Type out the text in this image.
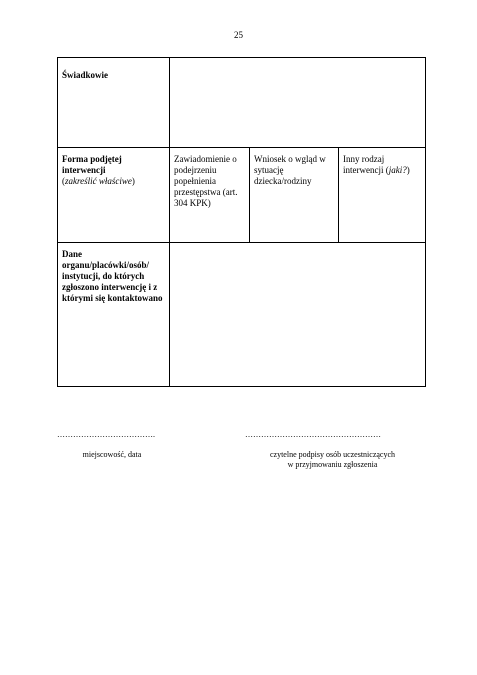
25
Świadkowie			

Forma podjętej interwencji
(zakreślić właściwe)	Zawiadomienie o podejrzeniu popełnienia przestępstwa (art. 304 KPK)	Wniosek o wgląd w sytuację dziecka/rodziny	Inny rodzaj interwencji (jaki?)
Dane organu/placówki/osób/ instytucji, do których zgłoszono interwencję i z którymi się kontaktowano			
……………………………….	……………………………………………
miejscowość, data	czytelne podpisy osób uczestniczących
w przyjmowaniu zgłoszenia
